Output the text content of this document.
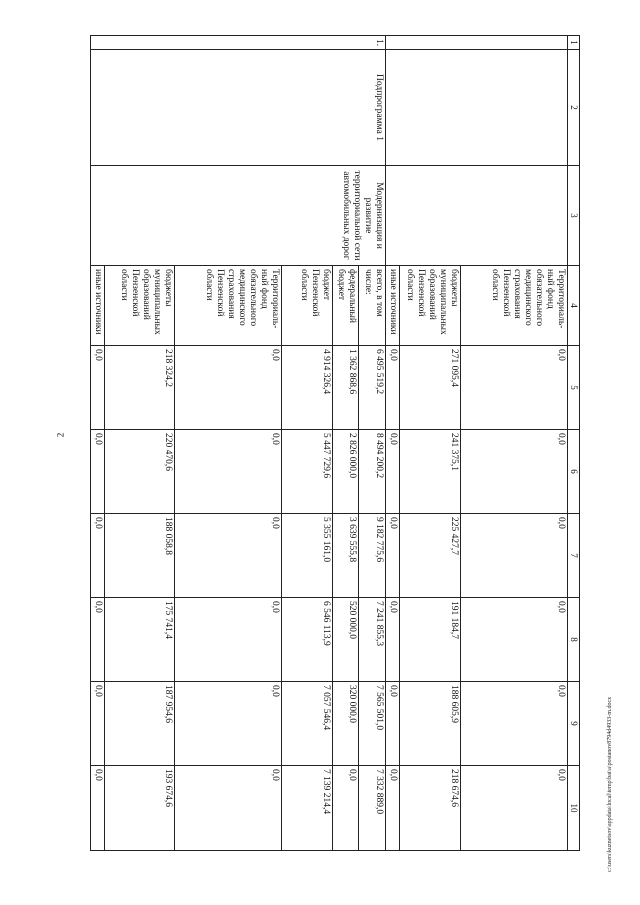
2
1	2	3	4	5	6	7	8	9	10
			Территориаль-ный фонд обязательного медицинского страхования Пензенской области	0,0	0,0	0,0	0,0	0,0	0,0
			бюджеты муниципальных образований Пензенской области	271 095,4	241 375,1	225 427,7	191 184,7	188 605,9	218 674,6
			иные источники	0,0	0,0	0,0	0,0	0,0	0,0
1.	Подпрограмма 1	Модернизация и развитие территориальной сети автомобильных дорог	всего, в том числе:	6 495 519,2	8 494 200,2	9 182 775,6	7 241 855,3	7 565 501,0	7 332 889,0
			федеральный бюджет	1 362 868,6	2 826 000,0	3 639 555,8	520 000,0	320 000,0	0,0
			бюджет Пензенской области	4 914 326,4	5 447 729,6	5 355 161,0	6 546 113,9	7 057 546,4	7 139 214,4
			Территориаль-ный фонд обязательного медицинского страхования Пензенской области	0,0	0,0	0,0	0,0	0,0	0,0
			бюджеты муниципальных образований Пензенской области	218 324,2	220 470,6	188 058,8	175 741,4	187 954,6	193 674,6
			иные источники	0,0	0,0	0,0	0,0	0,0	0,0	c:\users\kuznetsov\appdata\local\temp\bat\a\postanov8794d4933-m.docx
